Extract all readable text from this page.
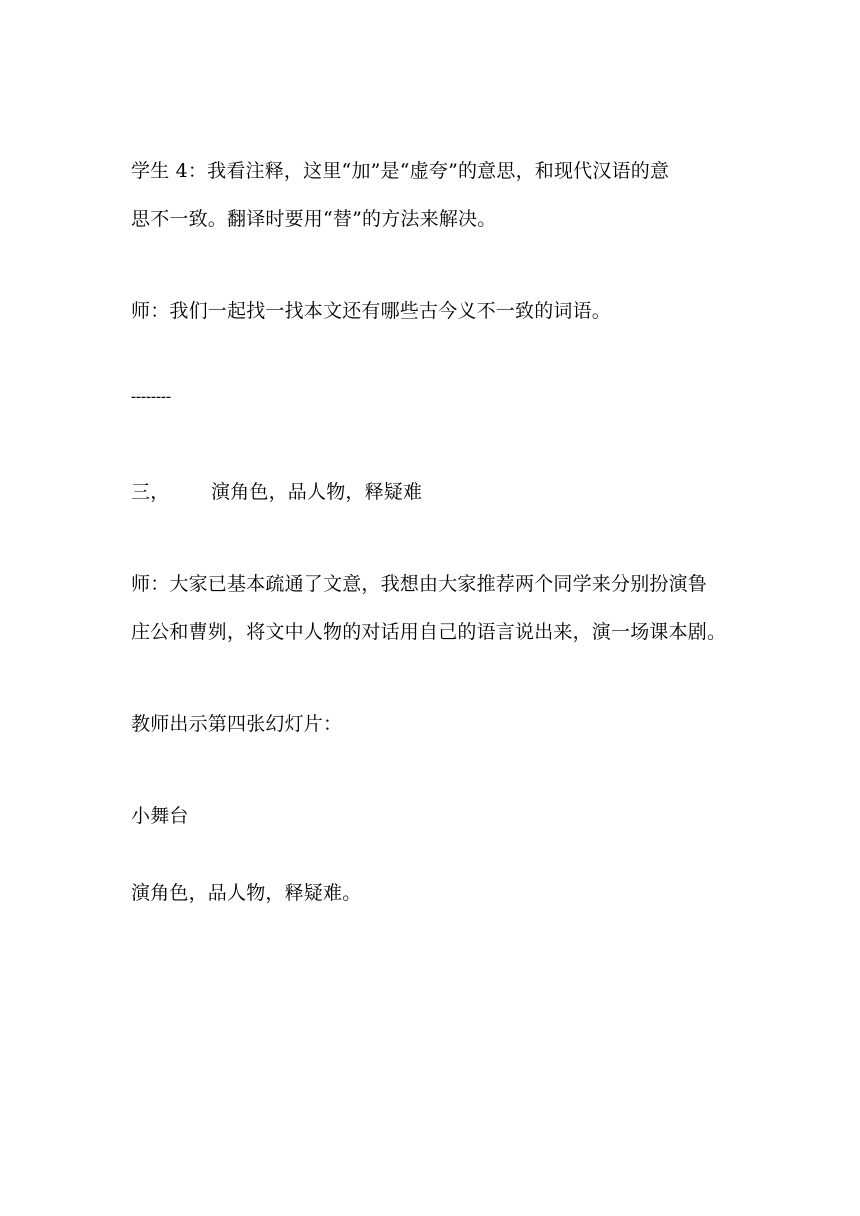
学生 4：我看注释，这里“加”是“虚夸”的意思，和现代汉语的意
思不一致。翻译时要用“替”的方法来解决。
师：我们一起找一找本文还有哪些古今义不一致的词语。
--------
三， 演角色，品人物，释疑难
师：大家已基本疏通了文意，我想由大家推荐两个同学来分别扮演鲁
庄公和曹刿，将文中人物的对话用自己的语言说出来，演一场课本剧。
教师出示第四张幻灯片：
小舞台
演角色，品人物，释疑难。
